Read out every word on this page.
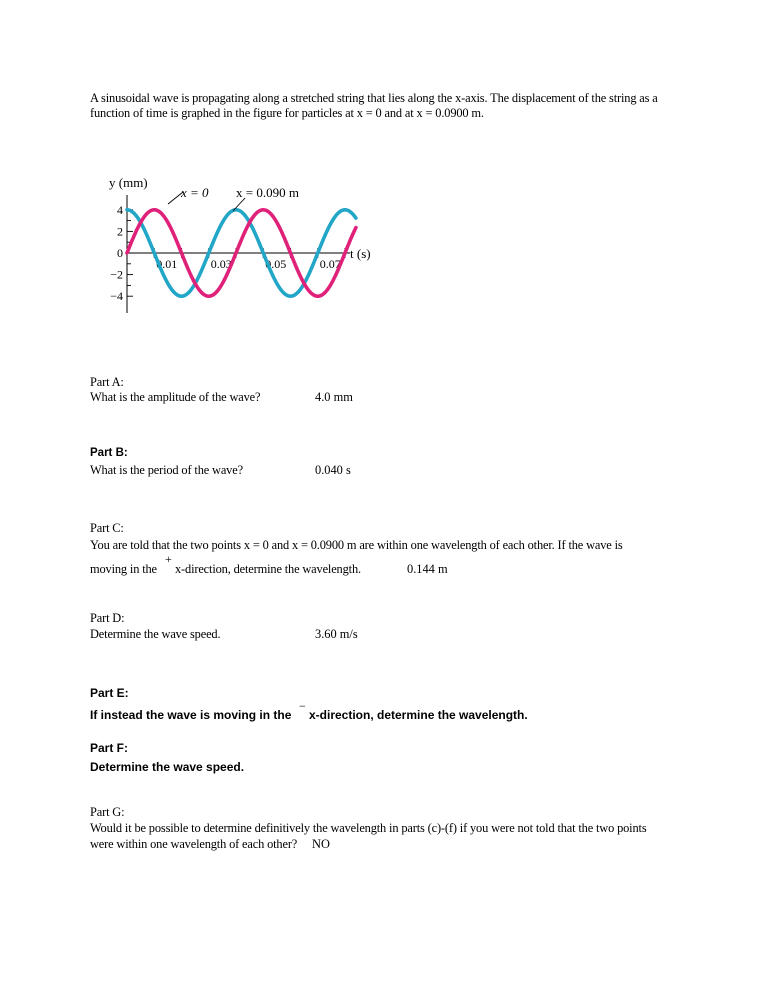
A sinusoidal wave is propagating along a stretched string that lies along the x-axis. The displacement of the string as a function of time is graphed in the figure for particles at x = 0 and at x = 0.0900 m.
y (mm)
t (s)
4
2
0
−2
−4
0.01	0.03	0.05	0.07
x = 0 x = 0.090 m
Part A:
What is the amplitude of the wave?	4.0 mm
Part B:
What is the period of the wave?	0.040 s
Part C:
You are told that the two points x = 0 and x = 0.0900 m are within one wavelength of each other. If the wave is
moving in the
+
x-direction, determine the wavelength.	0.144 m
Part D:
Determine the wave speed.	3.60 m/s
Part E:
If instead the wave is moving in the
−
x-direction, determine the wavelength.
Part F:
Determine the wave speed.
Part G:
Would it be possible to determine definitively the wavelength in parts (c)-(f) if you were not told that the two points
were within one wavelength of each other? NO
